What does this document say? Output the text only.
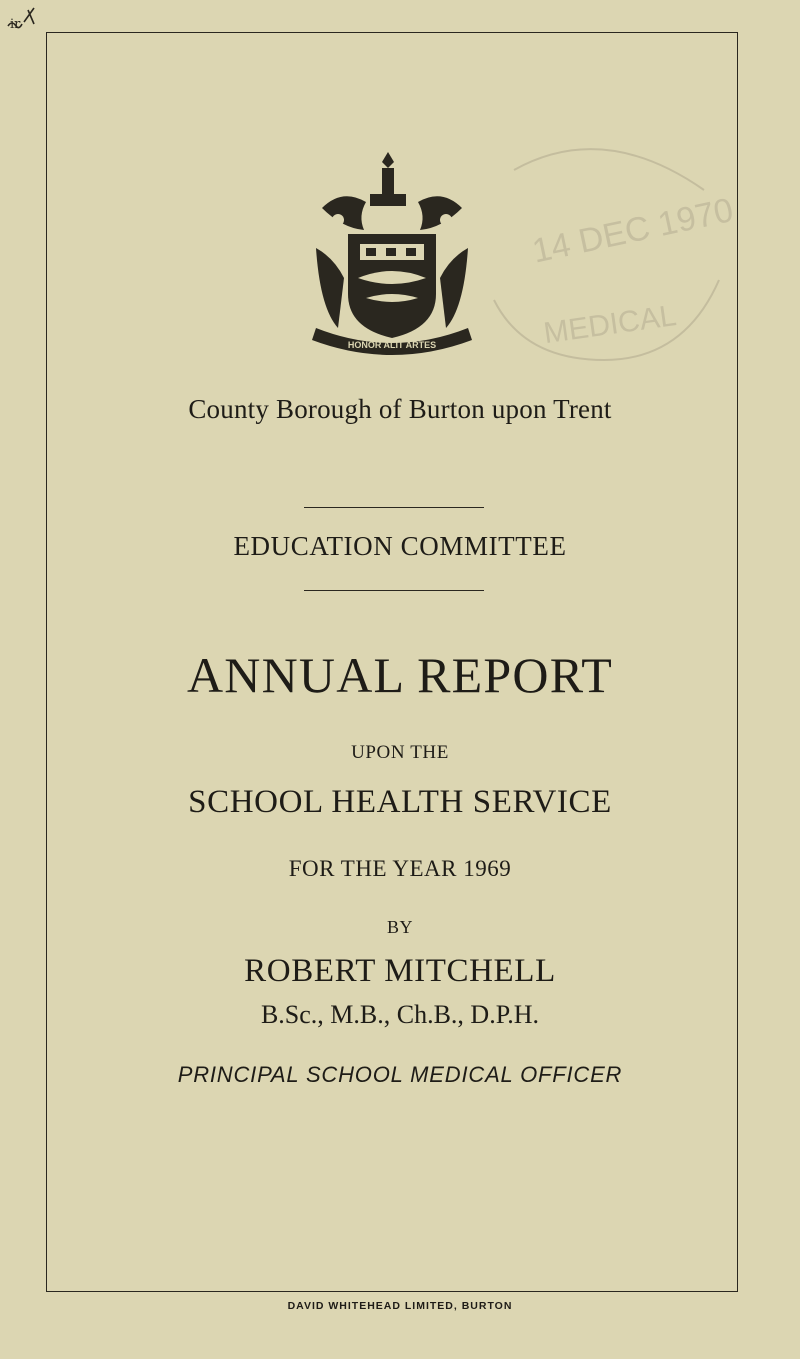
ir
14 DEC 1970
MEDICAL
HONOR ALIT ARTES
County Borough of Burton upon Trent
EDUCATION COMMITTEE
ANNUAL REPORT
UPON THE
SCHOOL HEALTH SERVICE
FOR THE YEAR 1969
BY
ROBERT MITCHELL
B.Sc., M.B., Ch.B., D.P.H.
PRINCIPAL SCHOOL MEDICAL OFFICER
DAVID WHITEHEAD LIMITED, BURTON
